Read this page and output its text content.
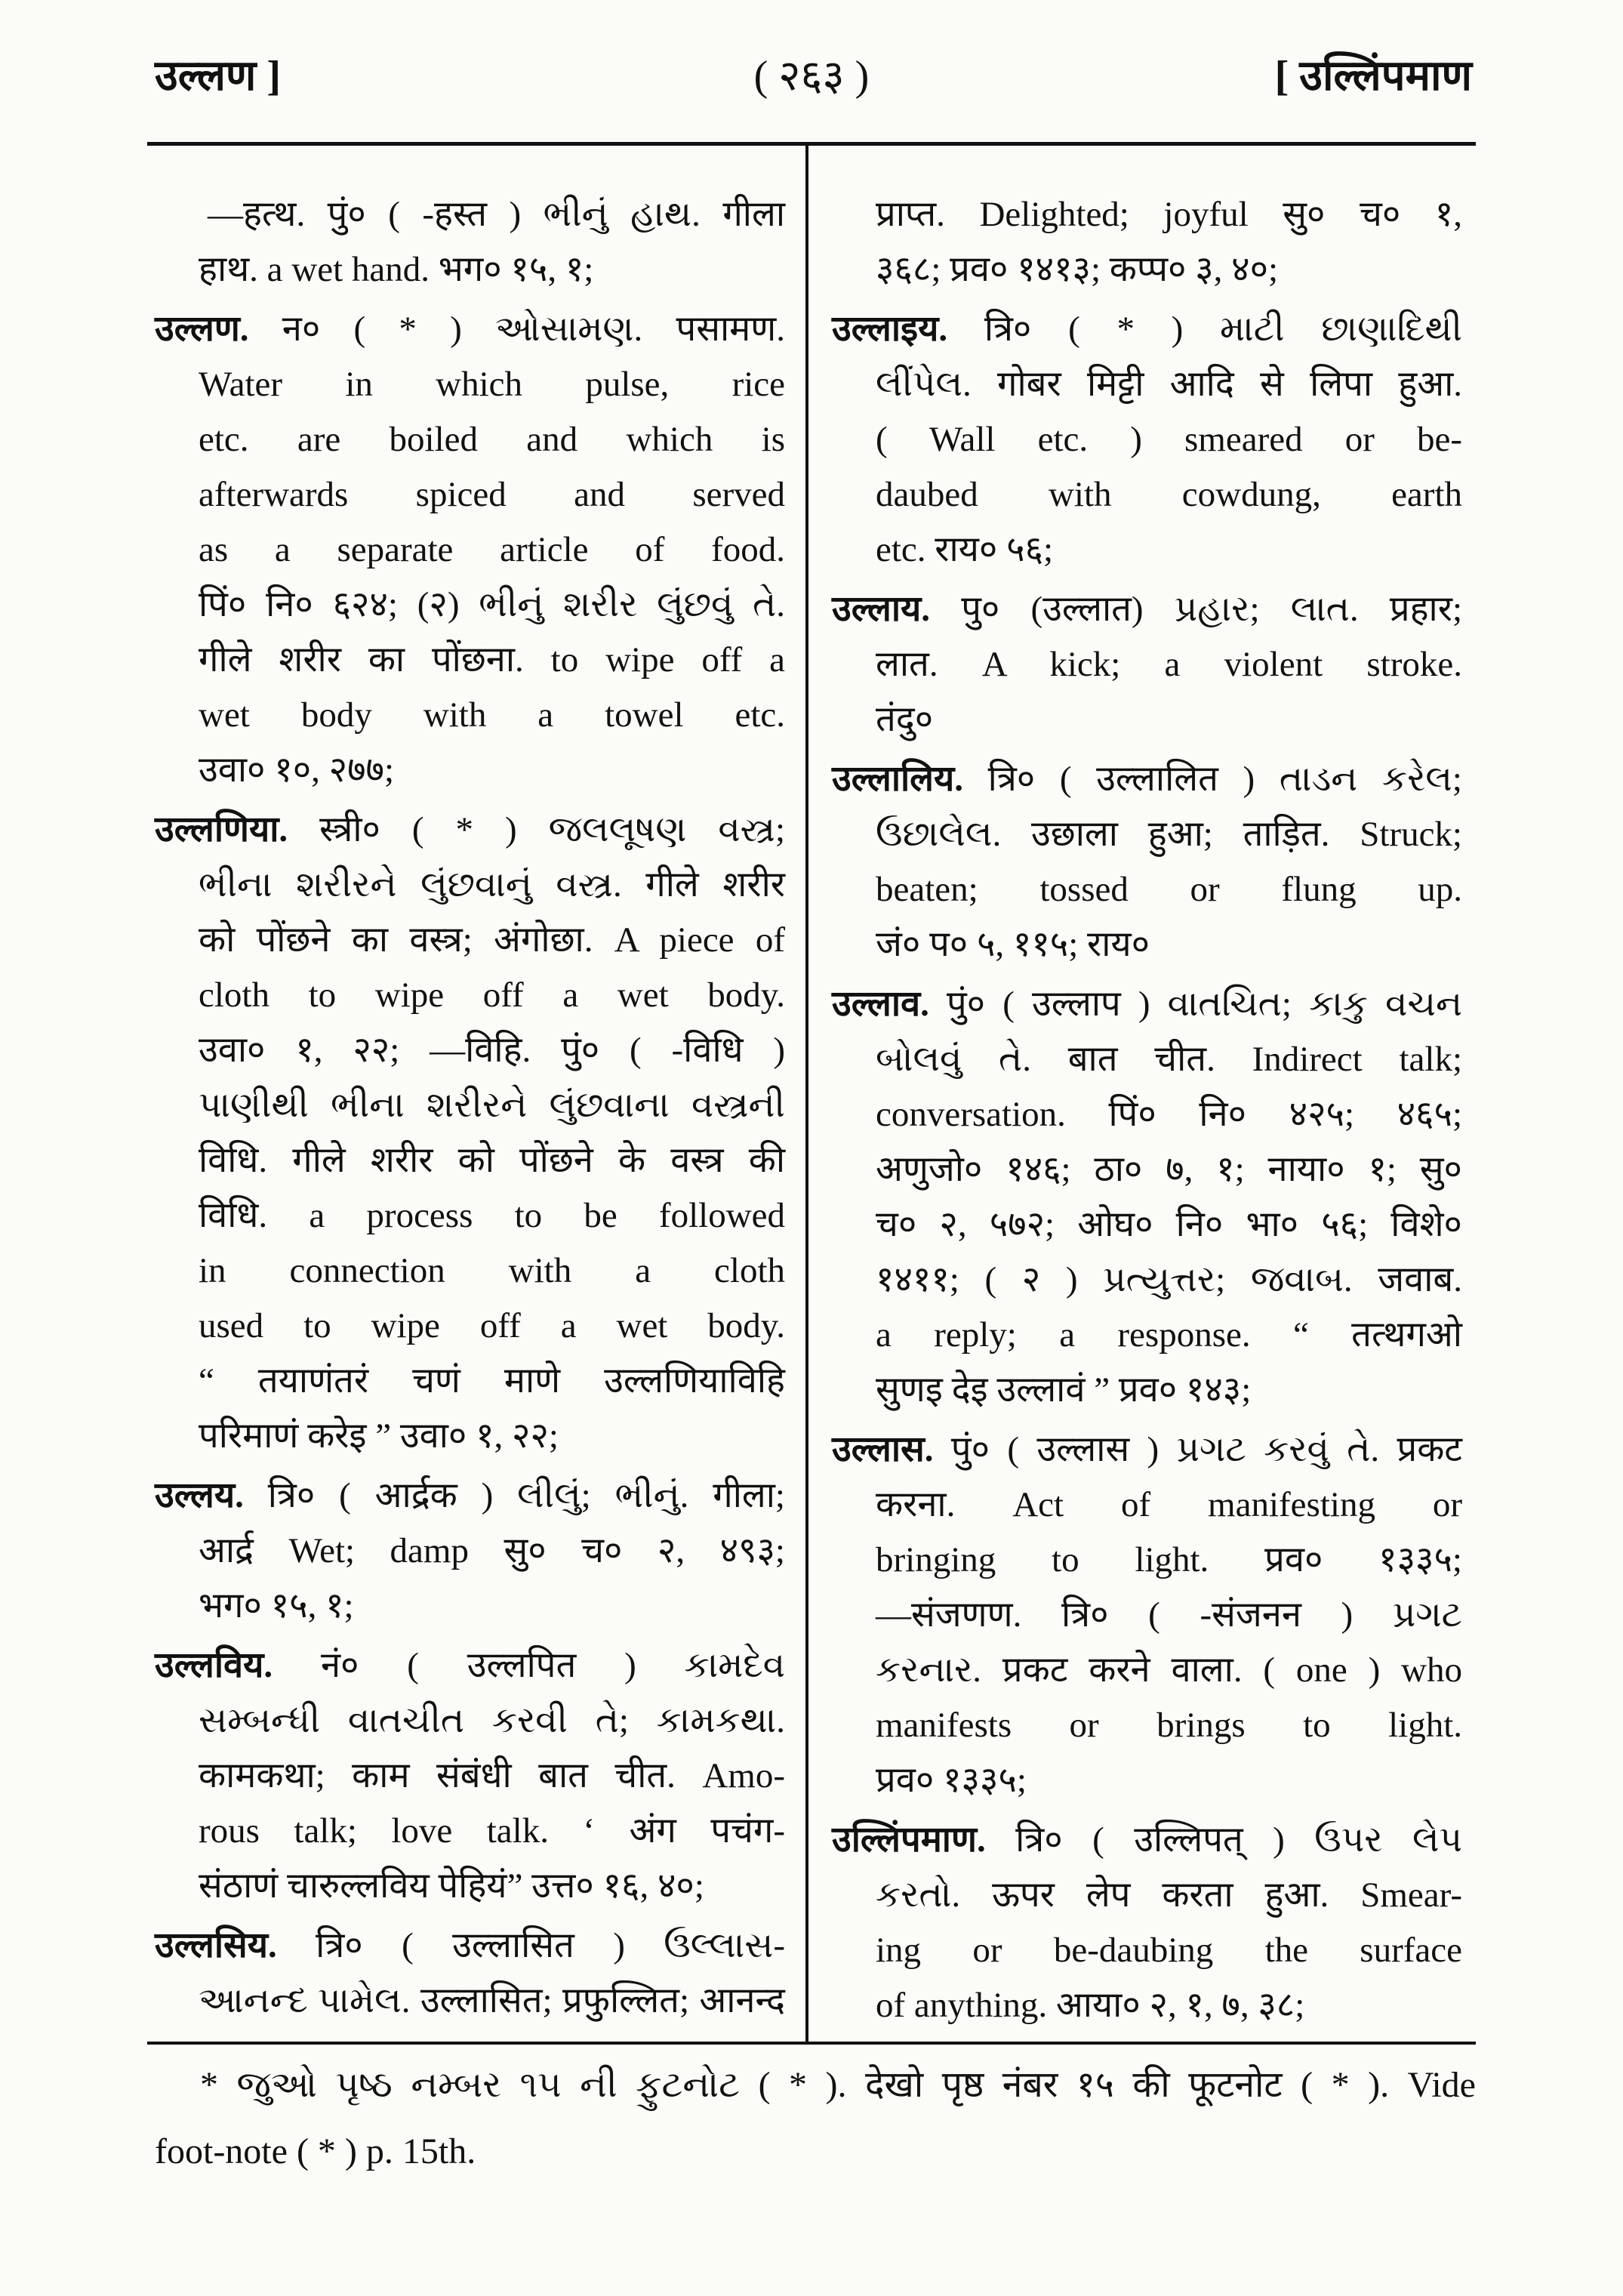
उल्लण ]	( २६३ )	[ उल्लिंपमाण
—हत्थ. पुं० ( -हस्त ) ભીનું હાથ. गीला
हाथ. a wet hand. भग० १५, १;
उल्लण. न० ( * ) ઓસામણ. पसामण.
Water in which pulse, rice
etc. are boiled and which is
afterwards spiced and served
as a separate article of food.
पिं० नि० ६२४; (२) ભીનું શરીર લુંછવું તે.
गीले शरीर का पोंछना. to wipe off a
wet body with a towel etc.
उवा० १०, २७७;
उल्लणिया. स्त्री० ( * ) જલલૂષણ વસ્ત્ર;
ભીના શરીરને લુંછવાનું વસ્ત્ર. गीले शरीर
को पोंछने का वस्त्र; अंगोछा. A piece of
cloth to wipe off a wet body.
उवा० १, २२; —विहि. पुं० ( -विधि )
પાણીથી ભીના શરીરને લુંછવાના વસ્ત્રની
विधि. गीले शरीर को पोंछने के वस्त्र की
विधि. a process to be followed
in connection with a cloth
used to wipe off a wet body.
“ तयाणंतरं चणं माणे उल्लणियाविहि
परिमाणं करेइ ” उवा० १, २२;
उल्लय. त्रि० ( आर्द्रक ) લીલું; ભીનું. गीला;
आर्द्र Wet; damp सु० च० २, ४९३;
भग० १५, १;
उल्लविय. नं० ( उल्लपित ) કામદેવ
સમ્બન્ધી વાતચીત કરવી તે; કામકથા.
कामकथा; काम संबंधी बात चीत. Amo-
rous talk; love talk. ‘ अंग पचंग-
संठाणं चारुल्लविय पेहियं” उत्त० १६, ४०;
उल्लसिय. त्रि० ( उल्लासित ) ઉલ્લાસ-
આનન્દ પામેલ. उल्लासित; प्रफुल्लित; आनन्द
प्राप्त. Delighted; joyful सु० च० १,
३६८; प्रव० १४१३; कप्प० ३, ४०;
उल्लाइय. त्रि० ( * ) માટી છાણાદિથી
લીંપેલ. गोबर मिट्टी आदि से लिपा हुआ.
( Wall etc. ) smeared or be-
daubed with cowdung, earth
etc. राय० ५६;
उल्लाय. पु० (उल्लात) પ્રહાર; લાત. प्रहार;
लात. A kick; a violent stroke.
तंदु०
उल्लालिय. त्रि० ( उल्लालित ) તાડન કરેલ;
ઉછાલેલ. उछाला हुआ; ताड़ित. Struck;
beaten; tossed or flung up.
जं० प० ५, ११५; राय०
उल्लाव. पुं० ( उल्लाप ) વાતચિત; કાકુ વચન
બોલવું તે. बात चीत. Indirect talk;
conversation. पिं० नि० ४२५; ४६५;
अणुजो० १४६; ठा० ७, १; नाया० १; सु०
च० २, ५७२; ओघ० नि० भा० ५६; विशे०
१४११; ( २ ) પ્રત્યુત્તર; જવાબ. जवाब.
a reply; a response. “ तत्थगओ
सुणइ देइ उल्लावं ” प्रव० १४३;
उल्लास. पुं० ( उल्लास ) પ્રગટ કરવું તે. प्रकट
करना. Act of manifesting or
bringing to light. प्रव० १३३५;
—संजणण. त्रि० ( -संजनन ) પ્રગટ
કરનાર. प्रकट करने वाला. ( one ) who
manifests or brings to light.
प्रव० १३३५;
उल्लिंपमाण. त्रि० ( उल्लिपत् ) ઉપર લેપ
કરતો. ऊपर लेप करता हुआ. Smear-
ing or be-daubing the surface
of anything. आया० २, १, ७, ३८;
* જુઓ પૃષ્ઠ નમ્બર ૧૫ ની ફુટનોટ ( * ). देखो पृष्ठ नंबर १५ की फूटनोट ( * ). Vide
foot-note ( * ) p. 15th.
